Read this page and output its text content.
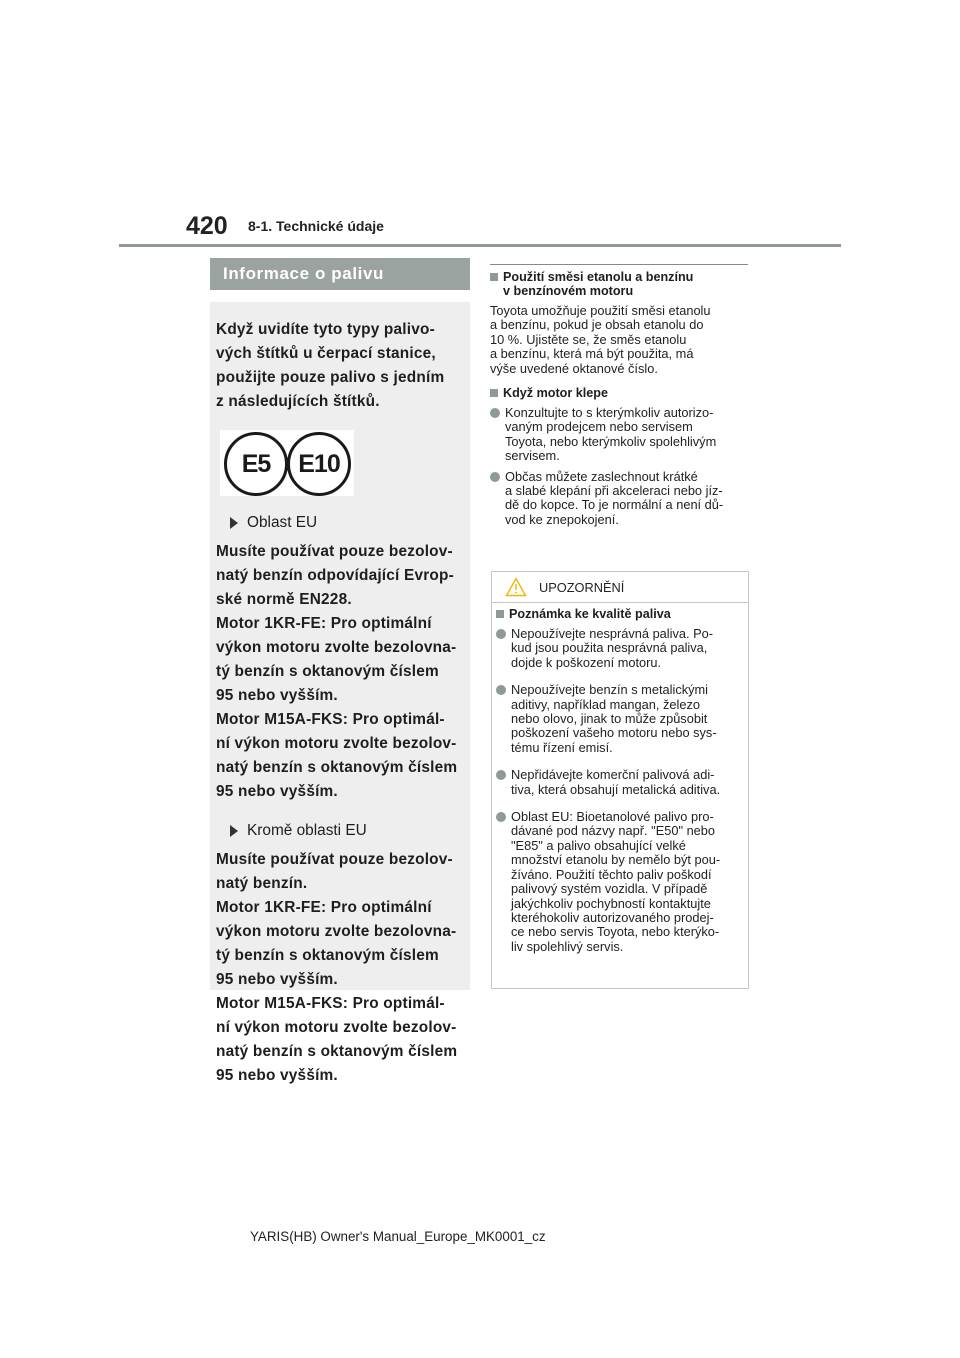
420 8-1. Technické údaje
Informace o palivu

Když uvidíte tyto typy palivo-
vých štítků u čerpací stanice,
použijte pouze palivo s jedním
z následujících štítků.

E5	E10
Oblast EU

Musíte používat pouze bezolov-
natý benzín odpovídající Evrop-
ské normě EN228.
Motor 1KR-FE: Pro optimální
výkon motoru zvolte bezolovna-
tý benzín s oktanovým číslem
95 nebo vyšším.
Motor M15A-FKS: Pro optimál-
ní výkon motoru zvolte bezolov-
natý benzín s oktanovým číslem
95 nebo vyšším.

Kromě oblasti EU

Musíte používat pouze bezolov-
natý benzín.
Motor 1KR-FE: Pro optimální
výkon motoru zvolte bezolovna-
tý benzín s oktanovým číslem
95 nebo vyšším.
Motor M15A-FKS: Pro optimál-
ní výkon motoru zvolte bezolov-
natý benzín s oktanovým číslem
95 nebo vyšším.

Použití směsi etanolu a benzínu
v benzínovém motoru

Toyota umožňuje použití směsi etanolu
a benzínu, pokud je obsah etanolu do
10 %. Ujistěte se, že směs etanolu
a benzínu, která má být použita, má
výše uvedené oktanové číslo.

Když motor klepe
Konzultujte to s kterýmkoliv autorizo-
vaným prodejcem nebo servisem
Toyota, nebo kterýmkoliv spolehlivým
servisem.
Občas můžete zaslechnout krátké
a slabé klepání při akceleraci nebo jíz-
dě do kopce. To je normální a není dů-
vod ke znepokojení.
UPOZORNĚNÍ
Poznámka ke kvalitě paliva
Nepoužívejte nesprávná paliva. Po-
kud jsou použita nesprávná paliva,
dojde k poškození motoru.
Nepoužívejte benzín s metalickými
aditivy, například mangan, železo
nebo olovo, jinak to může způsobit
poškození vašeho motoru nebo sys-
tému řízení emisí.
Nepřidávejte komerční palivová adi-
tiva, která obsahují metalická aditiva.
Oblast EU: Bioetanolové palivo pro-
dávané pod názvy např. "E50" nebo
"E85" a palivo obsahující velké
množství etanolu by nemělo být pou-
žíváno. Použití těchto paliv poškodí
palivový systém vozidla. V případě
jakýchkoliv pochybností kontaktujte
kteréhokoliv autorizovaného prodej-
ce nebo servis Toyota, nebo kterýko-
liv spolehlivý servis.
YARIS(HB) Owner's Manual_Europe_MK0001_cz
